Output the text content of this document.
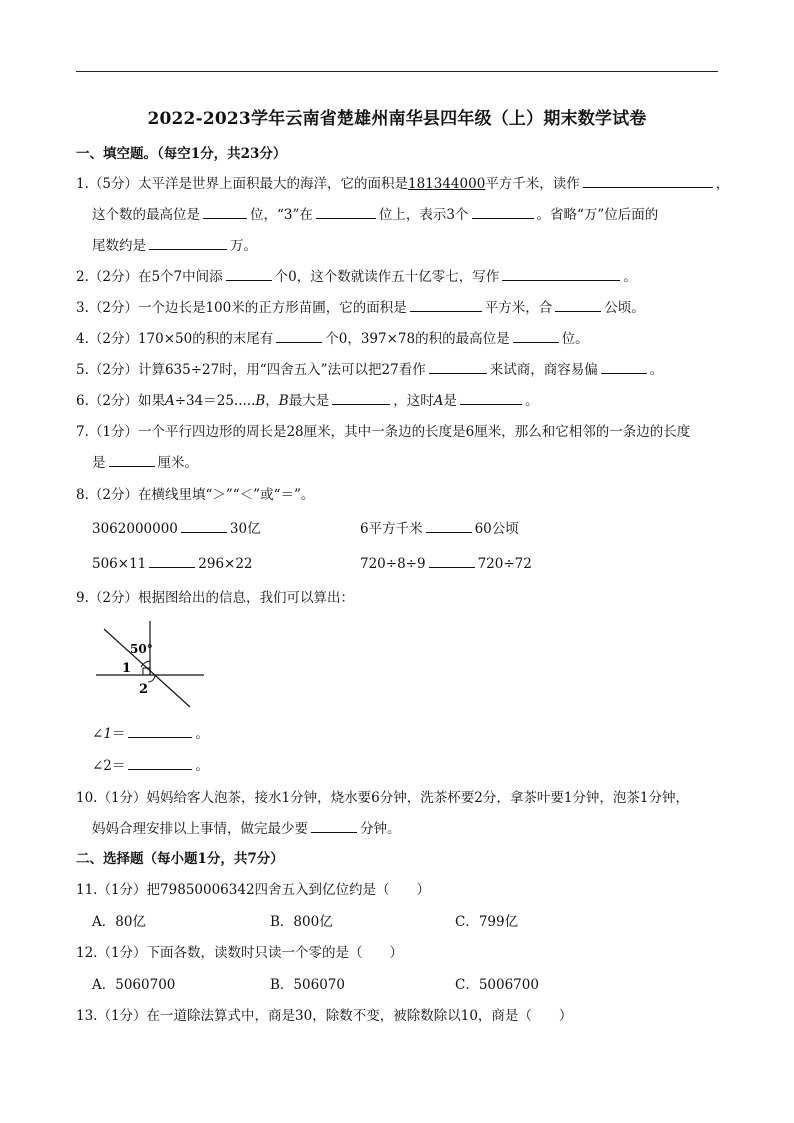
2022-2023学年云南省楚雄州南华县四年级（上）期末数学试卷
一、填空题。（每空1分，共23分）
1.（5分）太平洋是世界上面积最大的海洋，它的面积是181344000平方千米，读作	，
这个数的最高位是	位，“3”在	位上，表示3个	。省略“万”位后面的
尾数约是	万。
2.（2分）在5个7中间添	个0，这个数就读作五十亿零七，写作	。
3.（2分）一个边长是100米的正方形苗圃，它的面积是	平方米，合	公顷。
4.（2分）170×50的积的末尾有	个0，397×78的积的最高位是	位。
5.（2分）计算635÷27时，用“四舍五入”法可以把27看作	来试商，商容易偏	。
6.（2分）如果A÷34＝25.....B，B最大是	，这时A是	。
7.（1分）一个平行四边形的周长是28厘米，其中一条边的长度是6厘米，那么和它相邻的一条边的长度
是	厘米。
8.（2分）在横线里填“＞”“＜”或“＝”。
3062000000	30亿	6平方千米	60公顷
506×11	296×22	720÷8÷9	720÷72
9.（2分）根据图给出的信息，我们可以算出：
50°
1
2
∠1＝	。
∠2＝	。
10.（1分）妈妈给客人泡茶，接水1分钟，烧水要6分钟，洗茶杯要2分，拿茶叶要1分钟，泡茶1分钟，
妈妈合理安排以上事情，做完最少要	分钟。
二、选择题（每小题1分，共7分）
11.（1分）把79850006342四舍五入到亿位约是（　　）
A．80亿	B．800亿	C．799亿
12.（1分）下面各数，读数时只读一个零的是（　　）
A．5060700	B．506070	C．5006700
13.（1分）在一道除法算式中，商是30，除数不变，被除数除以10，商是（　　）
